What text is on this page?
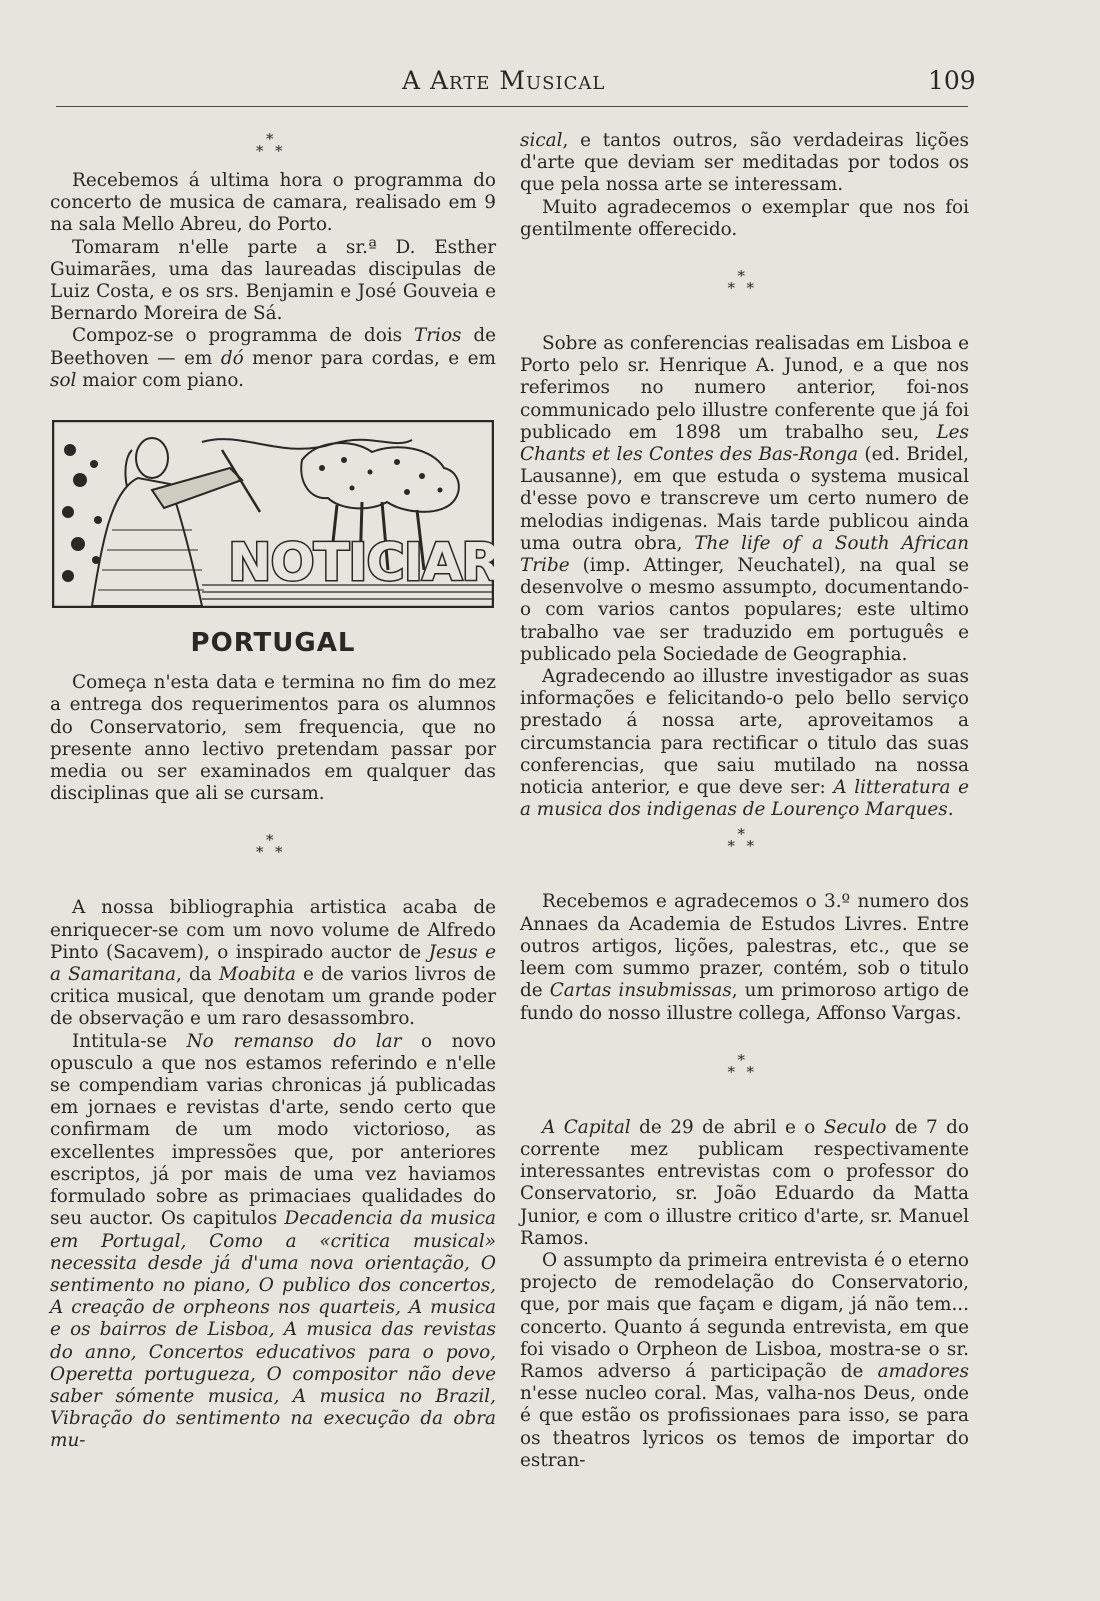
A Arte Musical	109
*
* *

Recebemos á ultima hora o programma do concerto de musica de camara, realisado em 9 na sala Mello Abreu, do Porto.

Tomaram n'elle parte a sr.ª D. Esther Guimarães, uma das laureadas discipulas de Luiz Costa, e os srs. Benjamin e José Gouveia e Bernardo Moreira de Sá.

Compoz-se o programma de dois Trios de Beethoven — em dó menor para cordas, e em sol maior com piano.

NOTICIAR
PORTUGAL

Começa n'esta data e termina no fim do mez a entrega dos requerimentos para os alumnos do Conservatorio, sem frequencia, que no presente anno lectivo pretendam passar por media ou ser examinados em qualquer das disciplinas que ali se cursam.

*
* *

A nossa bibliographia artistica acaba de enriquecer-se com um novo volume de Alfredo Pinto (Sacavem), o inspirado auctor de Jesus e a Samaritana, da Moabita e de varios livros de critica musical, que denotam um grande poder de observação e um raro desassombro.

Intitula-se No remanso do lar o novo opusculo a que nos estamos referindo e n'elle se compendiam varias chronicas já publicadas em jornaes e revistas d'arte, sendo certo que confirmam de um modo victorioso, as excellentes impressões que, por anteriores escriptos, já por mais de uma vez haviamos formulado sobre as primaciaes qualidades do seu auctor. Os capitulos Decadencia da musica em Portugal, Como a «critica musical» necessita desde já d'uma nova orientação, O sentimento no piano, O publico dos concertos, A creação de orpheons nos quarteis, A musica e os bairros de Lisboa, A musica das revistas do anno, Concertos educativos para o povo, Operetta portugueza, O compositor não deve saber sómente musica, A musica no Brazil, Vibração do sentimento na execução da obra mu-

sical, e tantos outros, são verdadeiras lições d'arte que deviam ser meditadas por todos os que pela nossa arte se interessam.

Muito agradecemos o exemplar que nos foi gentilmente offerecido.

*
* *

Sobre as conferencias realisadas em Lisboa e Porto pelo sr. Henrique A. Junod, e a que nos referimos no numero anterior, foi-nos communicado pelo illustre conferente que já foi publicado em 1898 um trabalho seu, Les Chants et les Contes des Bas-Ronga (ed. Bridel, Lausanne), em que estuda o systema musical d'esse povo e transcreve um certo numero de melodias indigenas. Mais tarde publicou ainda uma outra obra, The life of a South African Tribe (imp. Attinger, Neuchatel), na qual se desenvolve o mesmo assumpto, documentando-o com varios cantos populares; este ultimo trabalho vae ser traduzido em português e publicado pela Sociedade de Geographia.

Agradecendo ao illustre investigador as suas informações e felicitando-o pelo bello serviço prestado á nossa arte, aproveitamos a circumstancia para rectificar o titulo das suas conferencias, que saiu mutilado na nossa noticia anterior, e que deve ser: A litteratura e a musica dos indigenas de Lourenço Marques.

*
* *

Recebemos e agradecemos o 3.º numero dos Annaes da Academia de Estudos Livres. Entre outros artigos, lições, palestras, etc., que se leem com summo prazer, contém, sob o titulo de Cartas insubmissas, um primoroso artigo de fundo do nosso illustre collega, Affonso Vargas.

*
* *

A Capital de 29 de abril e o Seculo de 7 do corrente mez publicam respectivamente interessantes entrevistas com o professor do Conservatorio, sr. João Eduardo da Matta Junior, e com o illustre critico d'arte, sr. Manuel Ramos.

O assumpto da primeira entrevista é o eterno projecto de remodelação do Conservatorio, que, por mais que façam e digam, já não tem... concerto. Quanto á segunda entrevista, em que foi visado o Orpheon de Lisboa, mostra-se o sr. Ramos adverso á participação de amadores n'esse nucleo coral. Mas, valha-nos Deus, onde é que estão os profissionaes para isso, se para os theatros lyricos os temos de importar do estran-
